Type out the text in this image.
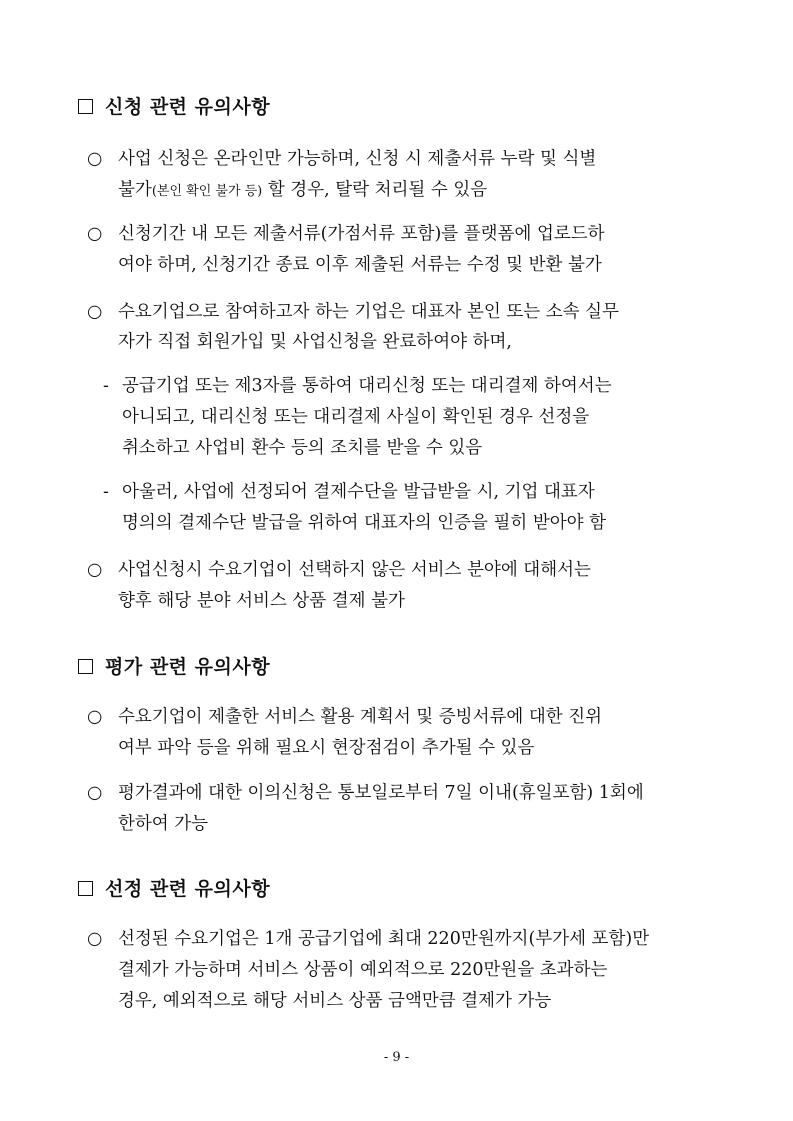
신청 관련 유의사항
○ 사업 신청은 온라인만 가능하며, 신청 시 제출서류 누락 및 식별
불가(본인 확인 불가 등) 할 경우, 탈락 처리될 수 있음
○ 신청기간 내 모든 제출서류(가점서류 포함)를 플랫폼에 업로드하
여야 하며, 신청기간 종료 이후 제출된 서류는 수정 및 반환 불가
○ 수요기업으로 참여하고자 하는 기업은 대표자 본인 또는 소속 실무
자가 직접 회원가입 및 사업신청을 완료하여야 하며,
- 공급기업 또는 제3자를 통하여 대리신청 또는 대리결제 하여서는
아니되고, 대리신청 또는 대리결제 사실이 확인된 경우 선정을
취소하고 사업비 환수 등의 조치를 받을 수 있음
- 아울러, 사업에 선정되어 결제수단을 발급받을 시, 기업 대표자
명의의 결제수단 발급을 위하여 대표자의 인증을 필히 받아야 함
○ 사업신청시 수요기업이 선택하지 않은 서비스 분야에 대해서는
향후 해당 분야 서비스 상품 결제 불가
평가 관련 유의사항
○ 수요기업이 제출한 서비스 활용 계획서 및 증빙서류에 대한 진위
여부 파악 등을 위해 필요시 현장점검이 추가될 수 있음
○ 평가결과에 대한 이의신청은 통보일로부터 7일 이내(휴일포함) 1회에
한하여 가능
선정 관련 유의사항
○ 선정된 수요기업은 1개 공급기업에 최대 220만원까지(부가세 포함)만
결제가 가능하며 서비스 상품이 예외적으로 220만원을 초과하는
경우, 예외적으로 해당 서비스 상품 금액만큼 결제가 가능
- 9 -
